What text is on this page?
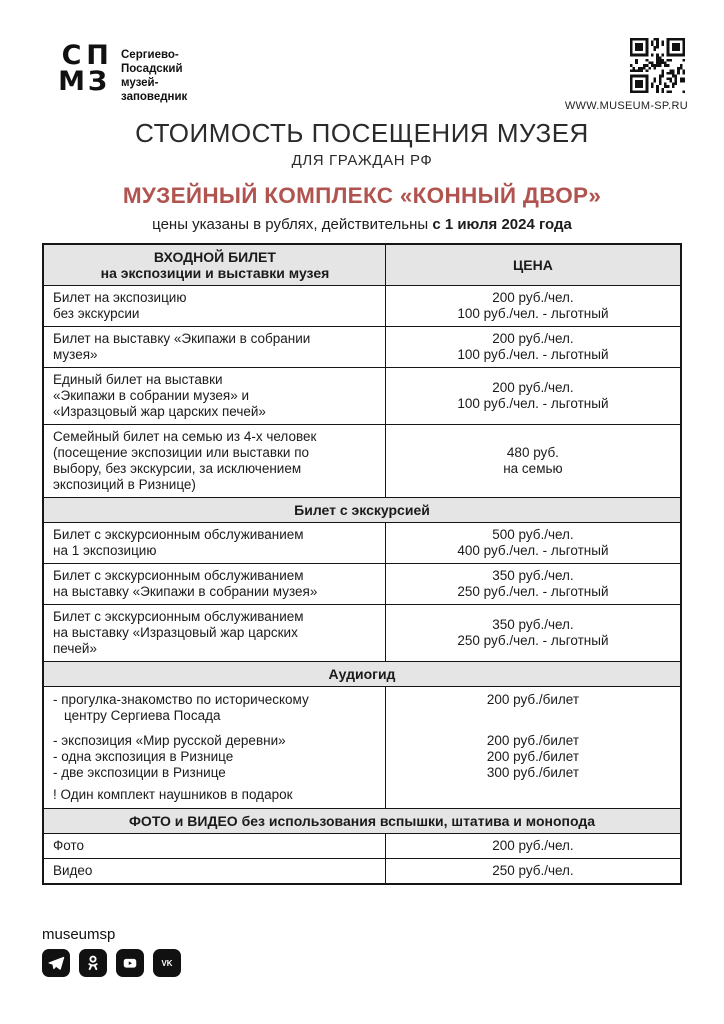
С П
М З
Сергиево-
Посадский
музей-
заповедник
WWW.MUSEUM-SP.RU
СТОИМОСТЬ ПОСЕЩЕНИЯ МУЗЕЯ
ДЛЯ ГРАЖДАН РФ
МУЗЕЙНЫЙ КОМПЛЕКС «КОННЫЙ ДВОР»
цены указаны в рублях, действительны с 1 июля 2024 года
ВХОДНОЙ БИЛЕТ
на экспозиции и выставки музея	ЦЕНА
Билет на экспозицию
без экскурсии
200 руб./чел.
100 руб./чел. - льготный
Билет на выставку «Экипажи в собрании
музея»
200 руб./чел.
100 руб./чел. - льготный
Единый билет на выставки
«Экипажи в собрании музея» и
«Изразцовый жар царских печей»
200 руб./чел.
100 руб./чел. - льготный
Семейный билет на семью из 4-х человек
(посещение экспозиции или выставки по
выбору, без экскурсии, за исключением
экспозиций в Ризнице)
480 руб.
на семью
Билет с экскурсией
Билет с экскурсионным обслуживанием
на 1 экспозицию
500 руб./чел.
400 руб./чел. - льготный
Билет с экскурсионным обслуживанием
на выставку «Экипажи в собрании музея»
350 руб./чел.
250 руб./чел. - льготный
Билет с экскурсионным обслуживанием
на выставку «Изразцовый жар царских
печей»
350 руб./чел.
250 руб./чел. - льготный
Аудиогид
- прогулка-знакомство по историческому
центру Сергиева Посада
200 руб./билет
- экспозиция «Мир русской деревни»	200 руб./билет
- одна экспозиция в Ризнице	200 руб./билет
- две экспозиции в Ризнице	300 руб./билет
! Один комплект наушников в подарок
ФОТО и ВИДЕО без использования вспышки, штатива и монопода
Фото	200 руб./чел.
Видео	250 руб./чел.
museumsp
VK
